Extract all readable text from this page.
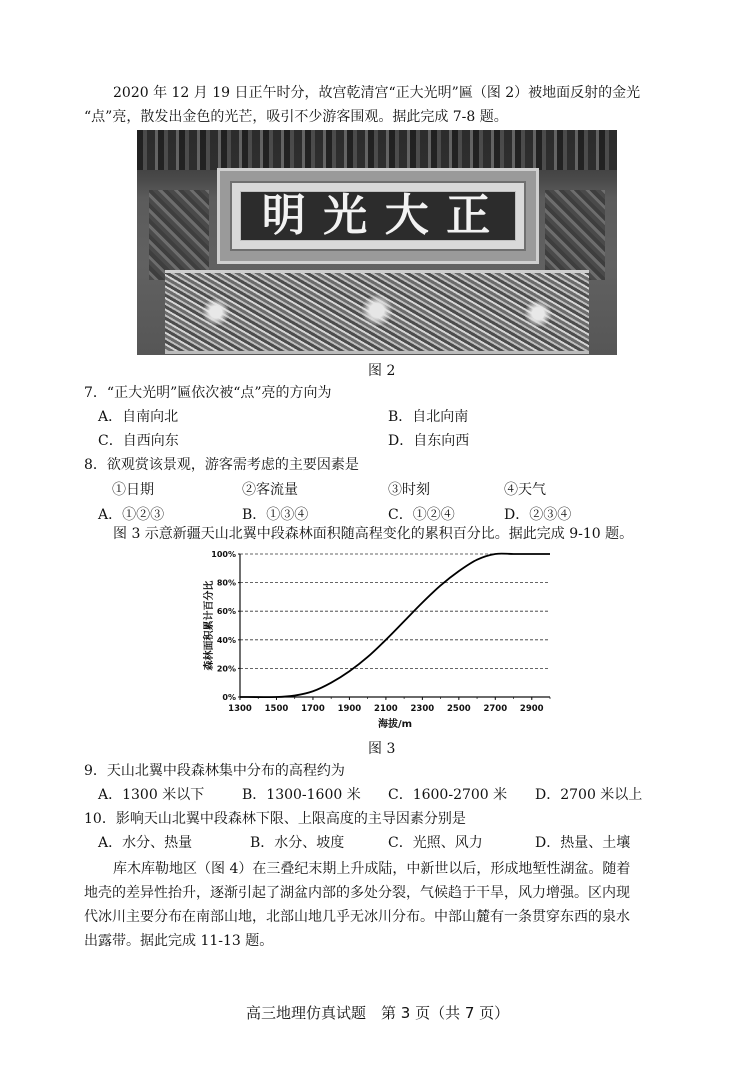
2020 年 12 月 19 日正午时分，故宫乾清宫“正大光明”匾（图 2）被地面反射的金光
“点”亮，散发出金色的光芒，吸引不少游客围观。据此完成 7-8 题。
明 光 大 正
图 2
7．“正大光明”匾依次被“点”亮的方向为
A．自南向北	B．自北向南
C．自西向东	D．自东向西
8．欲观赏该景观，游客需考虑的主要因素是
①日期	②客流量	③时刻	④天气
A．①②③	B．①③④	C．①②④	D．②③④
图 3 示意新疆天山北翼中段森林面积随高程变化的累积百分比。据此完成 9-10 题。
0%
20%
40%
60%
80%
100%
1300 1500 1700 1900 2100 2300 2500 2700 2900
海拔/m
森林面积累计百分比
图 3
9．天山北翼中段森林集中分布的高程约为
A．1300 米以下	B．1300-1600 米 C．1600-2700 米 D．2700 米以上
10．影响天山北翼中段森林下限、上限高度的主导因素分别是
A．水分、热量	B．水分、坡度	C．光照、风力	D．热量、土壤
库木库勒地区（图 4）在三叠纪末期上升成陆，中新世以后，形成地堑性湖盆。随着
地壳的差异性抬升，逐渐引起了湖盆内部的多处分裂，气候趋于干旱，风力增强。区内现
代冰川主要分布在南部山地，北部山地几乎无冰川分布。中部山麓有一条贯穿东西的泉水
出露带。据此完成 11-13 题。
高三地理仿真试题　第 3 页（共 7 页）
